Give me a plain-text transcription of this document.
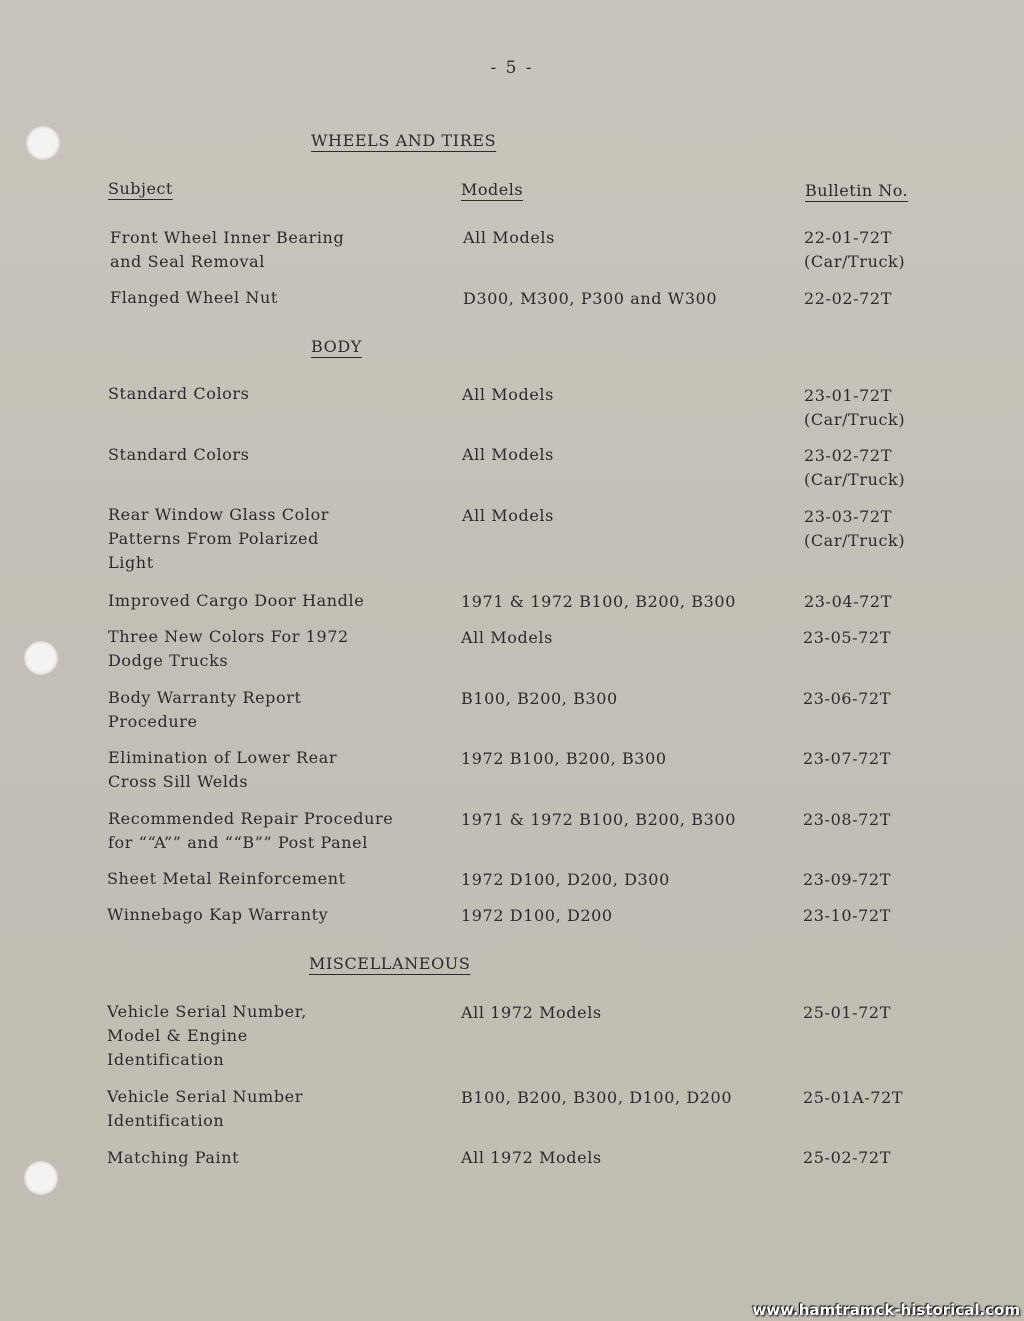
- 5 -
WHEELS AND TIRES
BODY
MISCELLANEOUS
Subject	Models	Bulletin No.
Front Wheel Inner Bearing
and Seal Removal
All Models	22-01-72T
(Car/Truck)
Flanged Wheel Nut	D300, M300, P300 and W300	22-02-72T
Standard Colors	All Models	23-01-72T
(Car/Truck)
Standard Colors	All Models	23-02-72T
(Car/Truck)
Rear Window Glass Color
Patterns From Polarized
Light
All Models	23-03-72T
(Car/Truck)
Improved Cargo Door Handle	1971 & 1972 B100, B200, B300	23-04-72T
Three New Colors For 1972
Dodge Trucks
All Models	23-05-72T
Body Warranty Report
Procedure
B100, B200, B300	23-06-72T
Elimination of Lower Rear
Cross Sill Welds
1972 B100, B200, B300	23-07-72T
Recommended Repair Procedure
for ““A”” and ““B”” Post Panel
1971 & 1972 B100, B200, B300	23-08-72T
Sheet Metal Reinforcement	1972 D100, D200, D300	23-09-72T
Winnebago Kap Warranty	1972 D100, D200	23-10-72T
Vehicle Serial Number,
Model & Engine
Identification
All 1972 Models	25-01-72T
Vehicle Serial Number
Identification
B100, B200, B300, D100, D200	25-01A-72T
Matching Paint	All 1972 Models	25-02-72T
www.hamtramck-historical.com
